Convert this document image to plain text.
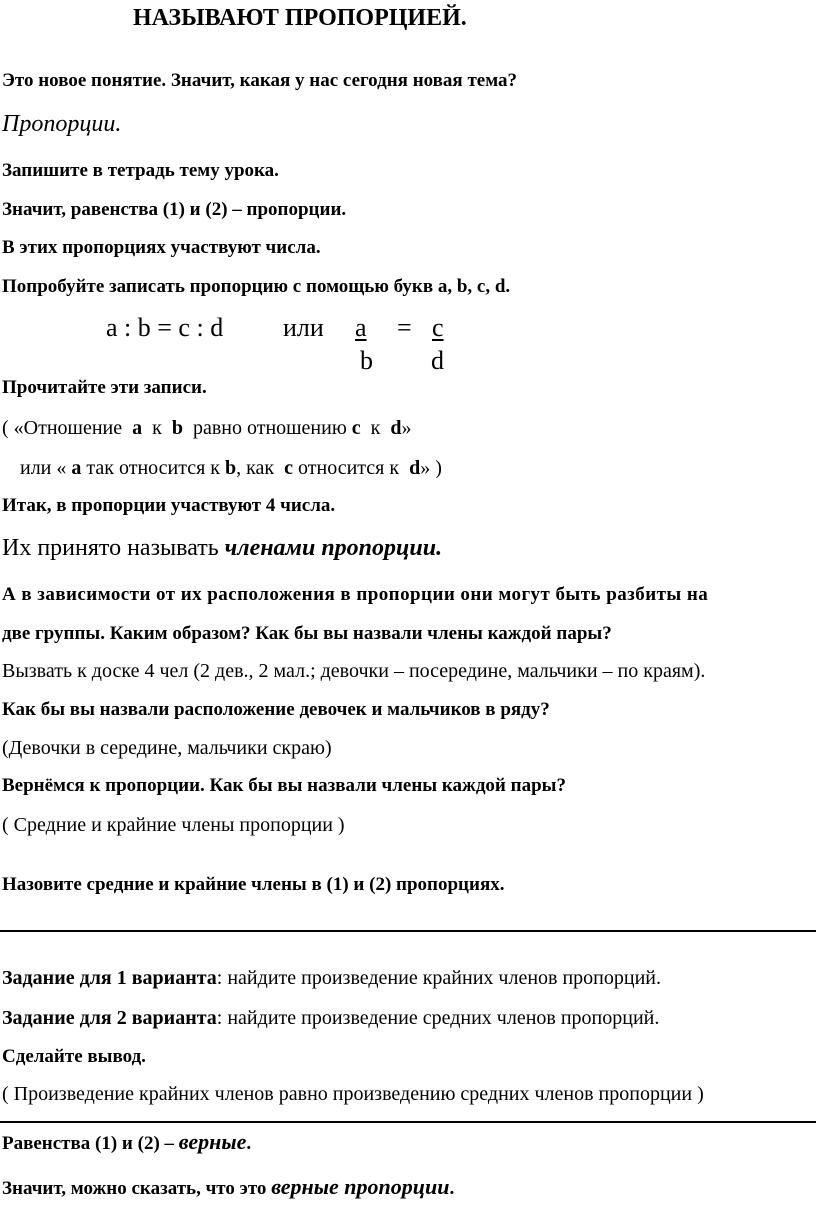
НАЗЫВАЮТ ПРОПОРЦИЕЙ.
Это новое понятие. Значит, какая у нас сегодня новая тема?
Пропорции.
Запишите в тетрадь тему урока.
Значит, равенства (1) и (2) – пропорции.
В этих пропорциях участвуют числа.
Попробуйте записать пропорцию с помощью букв а, b, с, d.
a : b = c : d или a	= c
b d
Прочитайте эти записи.
( «Отношение а к b равно отношению с к d»
или « а так относится к b, как с относится к d» )
Итак, в пропорции участвуют 4 числа.
Их принято называть членами пропорции.
А в зависимости от их расположения в пропорции они могут быть разбиты на
две группы. Каким образом? Как бы вы назвали члены каждой пары?
Вызвать к доске 4 чел (2 дев., 2 мал.; девочки – посередине, мальчики – по краям).
Как бы вы назвали расположение девочек и мальчиков в ряду?
(Девочки в середине, мальчики скраю)
Вернёмся к пропорции. Как бы вы назвали члены каждой пары?
( Средние и крайние члены пропорции )
Назовите средние и крайние члены в (1) и (2) пропорциях.
Задание для 1 варианта: найдите произведение крайних членов пропорций.
Задание для 2 варианта: найдите произведение средних членов пропорций.
Сделайте вывод.
( Произведение крайних членов равно произведению средних членов пропорции )
Равенства (1) и (2) – верные.
Значит, можно сказать, что это верные пропорции.
